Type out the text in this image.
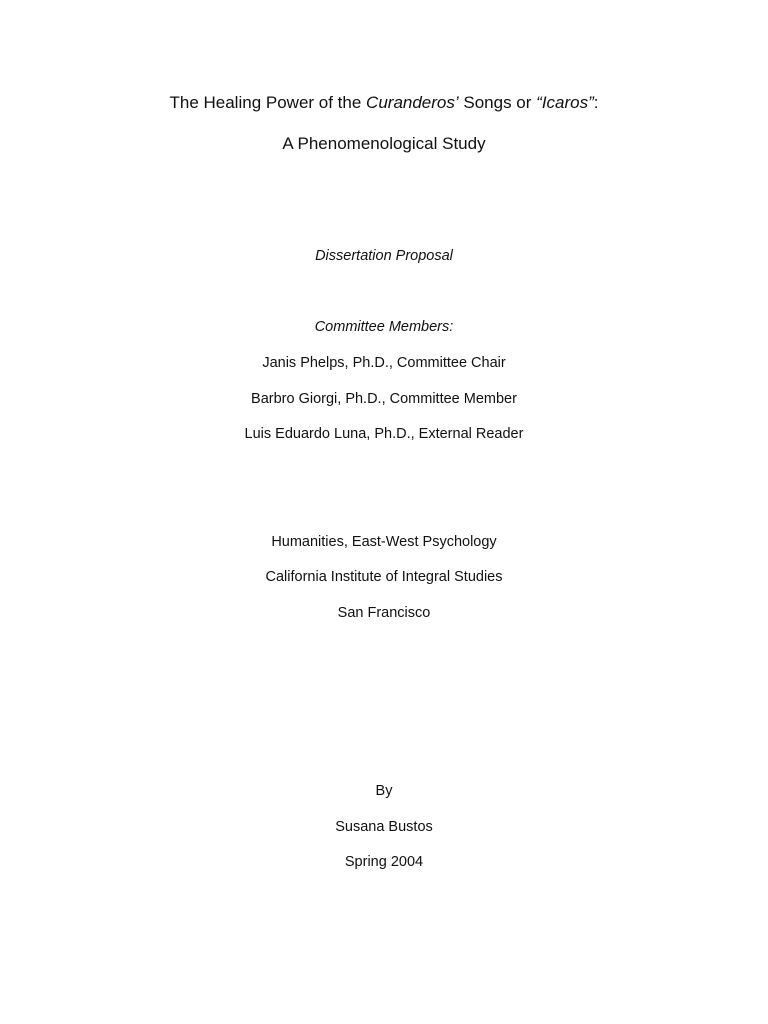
The Healing Power of the Curanderos’ Songs or “Icaros”:
A Phenomenological Study
Dissertation Proposal
Committee Members:
Janis Phelps, Ph.D., Committee Chair
Barbro Giorgi, Ph.D., Committee Member
Luis Eduardo Luna, Ph.D., External Reader
Humanities, East-West Psychology
California Institute of Integral Studies
San Francisco
By
Susana Bustos
Spring 2004
